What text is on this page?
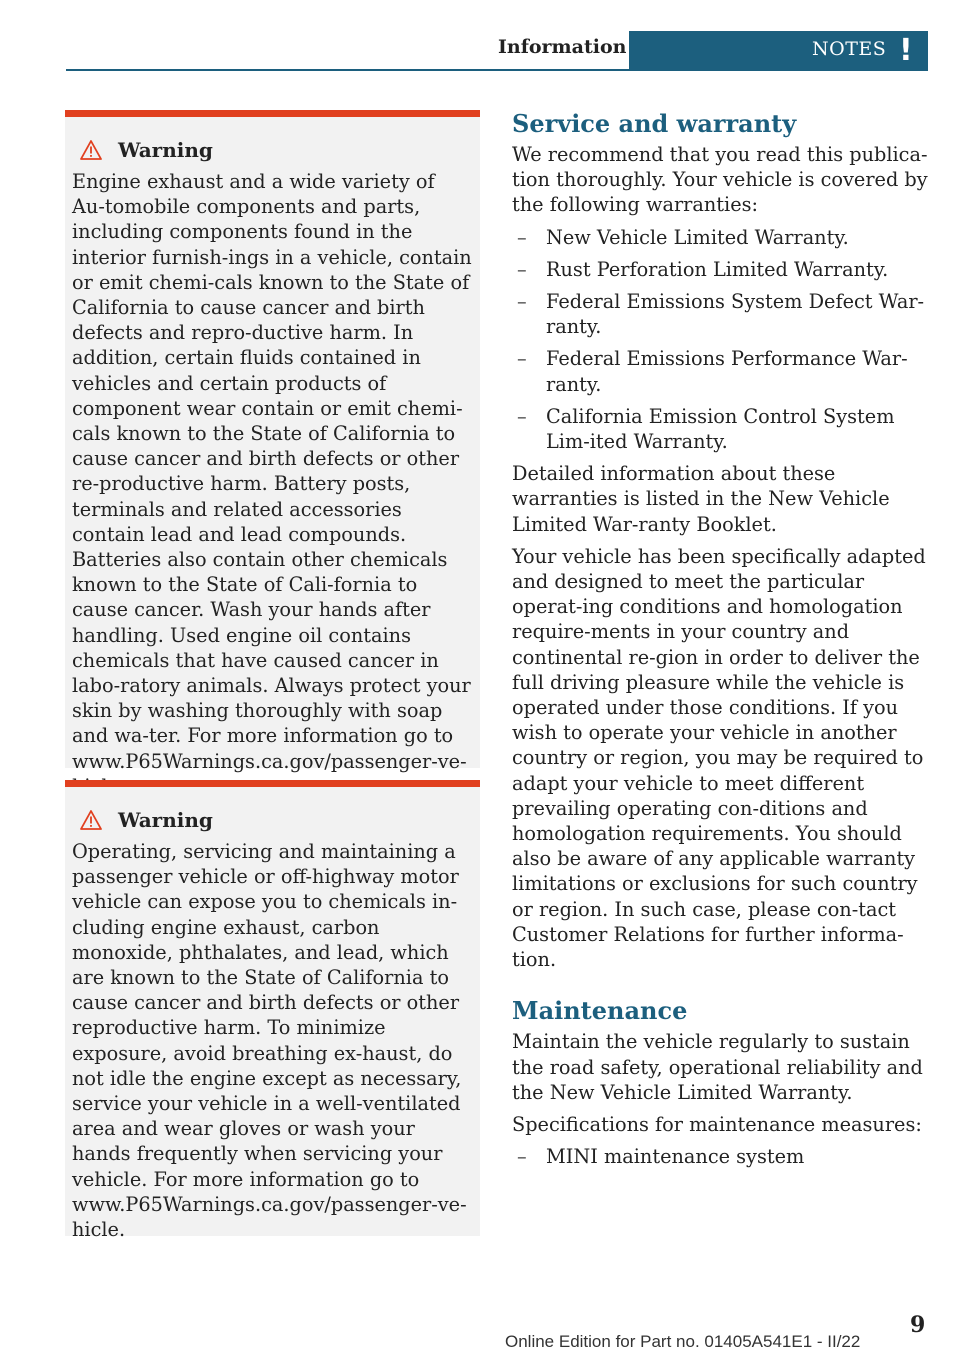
Information	NOTES !
Warning
Engine exhaust and a wide variety of Au-tomobile components and parts, including components found in the interior furnish-ings in a vehicle, contain or emit chemi-cals known to the State of California to cause cancer and birth defects and repro-ductive harm. In addition, certain fluids contained in vehicles and certain products of component wear contain or emit chemi-cals known to the State of California to cause cancer and birth defects or other re-productive harm. Battery posts, terminals and related accessories contain lead and lead compounds. Batteries also contain other chemicals known to the State of Cali-fornia to cause cancer. Wash your hands after handling. Used engine oil contains chemicals that have caused cancer in labo-ratory animals. Always protect your skin by washing thoroughly with soap and wa-ter. For more information go to www.P65Warnings.ca.gov/passenger-ve-
Warning
Operating, servicing and maintaining a passenger vehicle or off-highway motor vehicle can expose you to chemicals in-cluding engine exhaust, carbon monoxide, phthalates, and lead, which are known to the State of California to cause cancer and birth defects or other reproductive harm. To minimize exposure, avoid breathing ex-haust, do not idle the engine except as necessary, service your vehicle in a well-ventilated area and wear gloves or wash your hands frequently when servicing your vehicle. For more information go to www.P65Warnings.ca.gov/passenger-ve-hicle.
Service and warranty

We recommend that you read this publica-tion thoroughly. Your vehicle is covered by the following warranties:

– New Vehicle Limited Warranty.
– Rust Perforation Limited Warranty.
– Federal Emissions System Defect War-ranty.
– Federal Emissions Performance War-ranty.
– California Emission Control System Lim-ited Warranty.

Detailed information about these warranties is listed in the New Vehicle Limited War-ranty Booklet.

Your vehicle has been specifically adapted and designed to meet the particular operat-ing conditions and homologation require-ments in your country and continental re-gion in order to deliver the full driving pleasure while the vehicle is operated under those conditions. If you wish to operate your vehicle in another country or region, you may be required to adapt your vehicle to meet different prevailing operating con-ditions and homologation requirements. You should also be aware of any applicable warranty limitations or exclusions for such country or region. In such case, please con-tact Customer Relations for further informa-tion.

Maintenance

Maintain the vehicle regularly to sustain the road safety, operational reliability and the New Vehicle Limited Warranty.

Specifications for maintenance measures:

– MINI maintenance system
9
Online Edition for Part no. 01405A541E1 - II/22
